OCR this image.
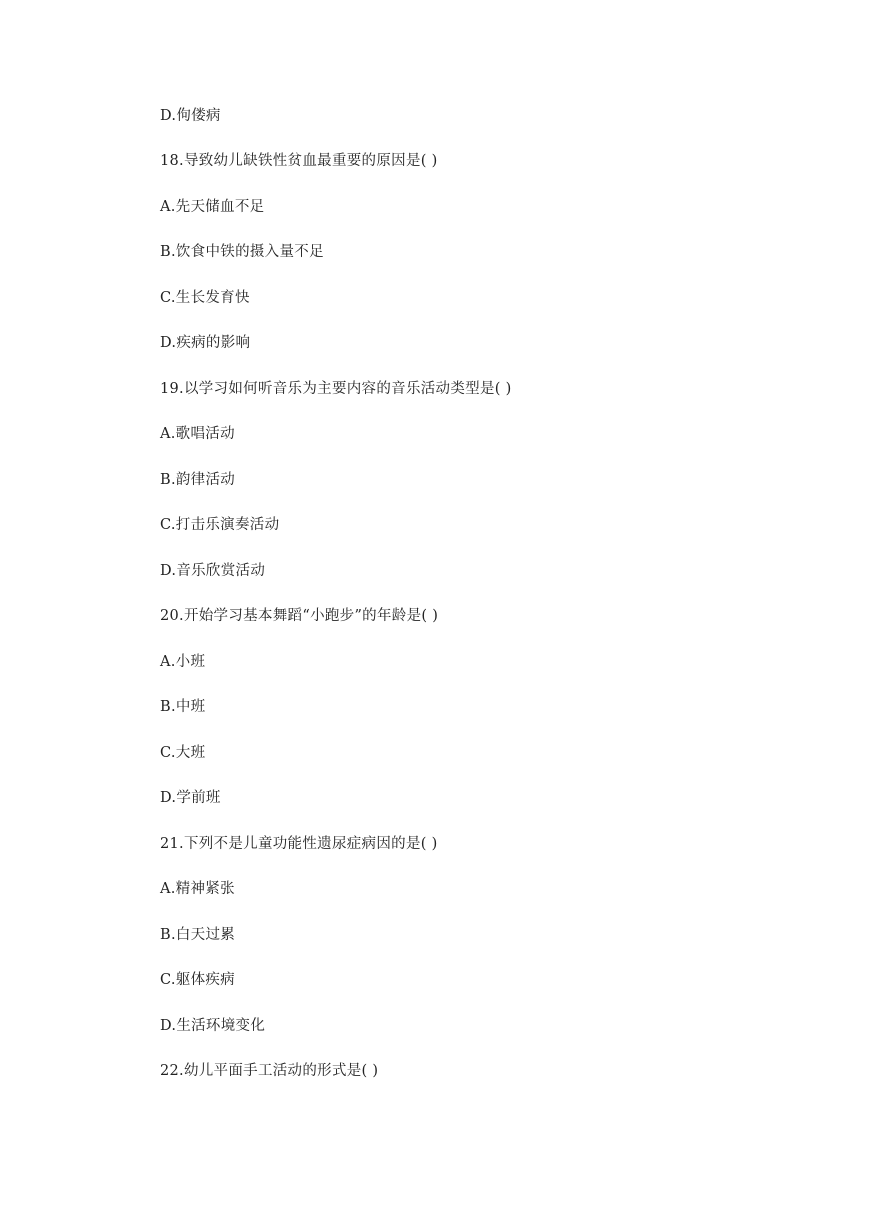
D.佝偻病
18.导致幼儿缺铁性贫血最重要的原因是( )
A.先天储血不足
B.饮食中铁的摄入量不足
C.生长发育快
D.疾病的影响
19.以学习如何听音乐为主要内容的音乐活动类型是( )
A.歌唱活动
B.韵律活动
C.打击乐演奏活动
D.音乐欣赏活动
20.开始学习基本舞蹈“小跑步”的年龄是( )
A.小班
B.中班
C.大班
D.学前班
21.下列不是儿童功能性遗尿症病因的是( )
A.精神紧张
B.白天过累
C.躯体疾病
D.生活环境变化
22.幼儿平面手工活动的形式是( )
